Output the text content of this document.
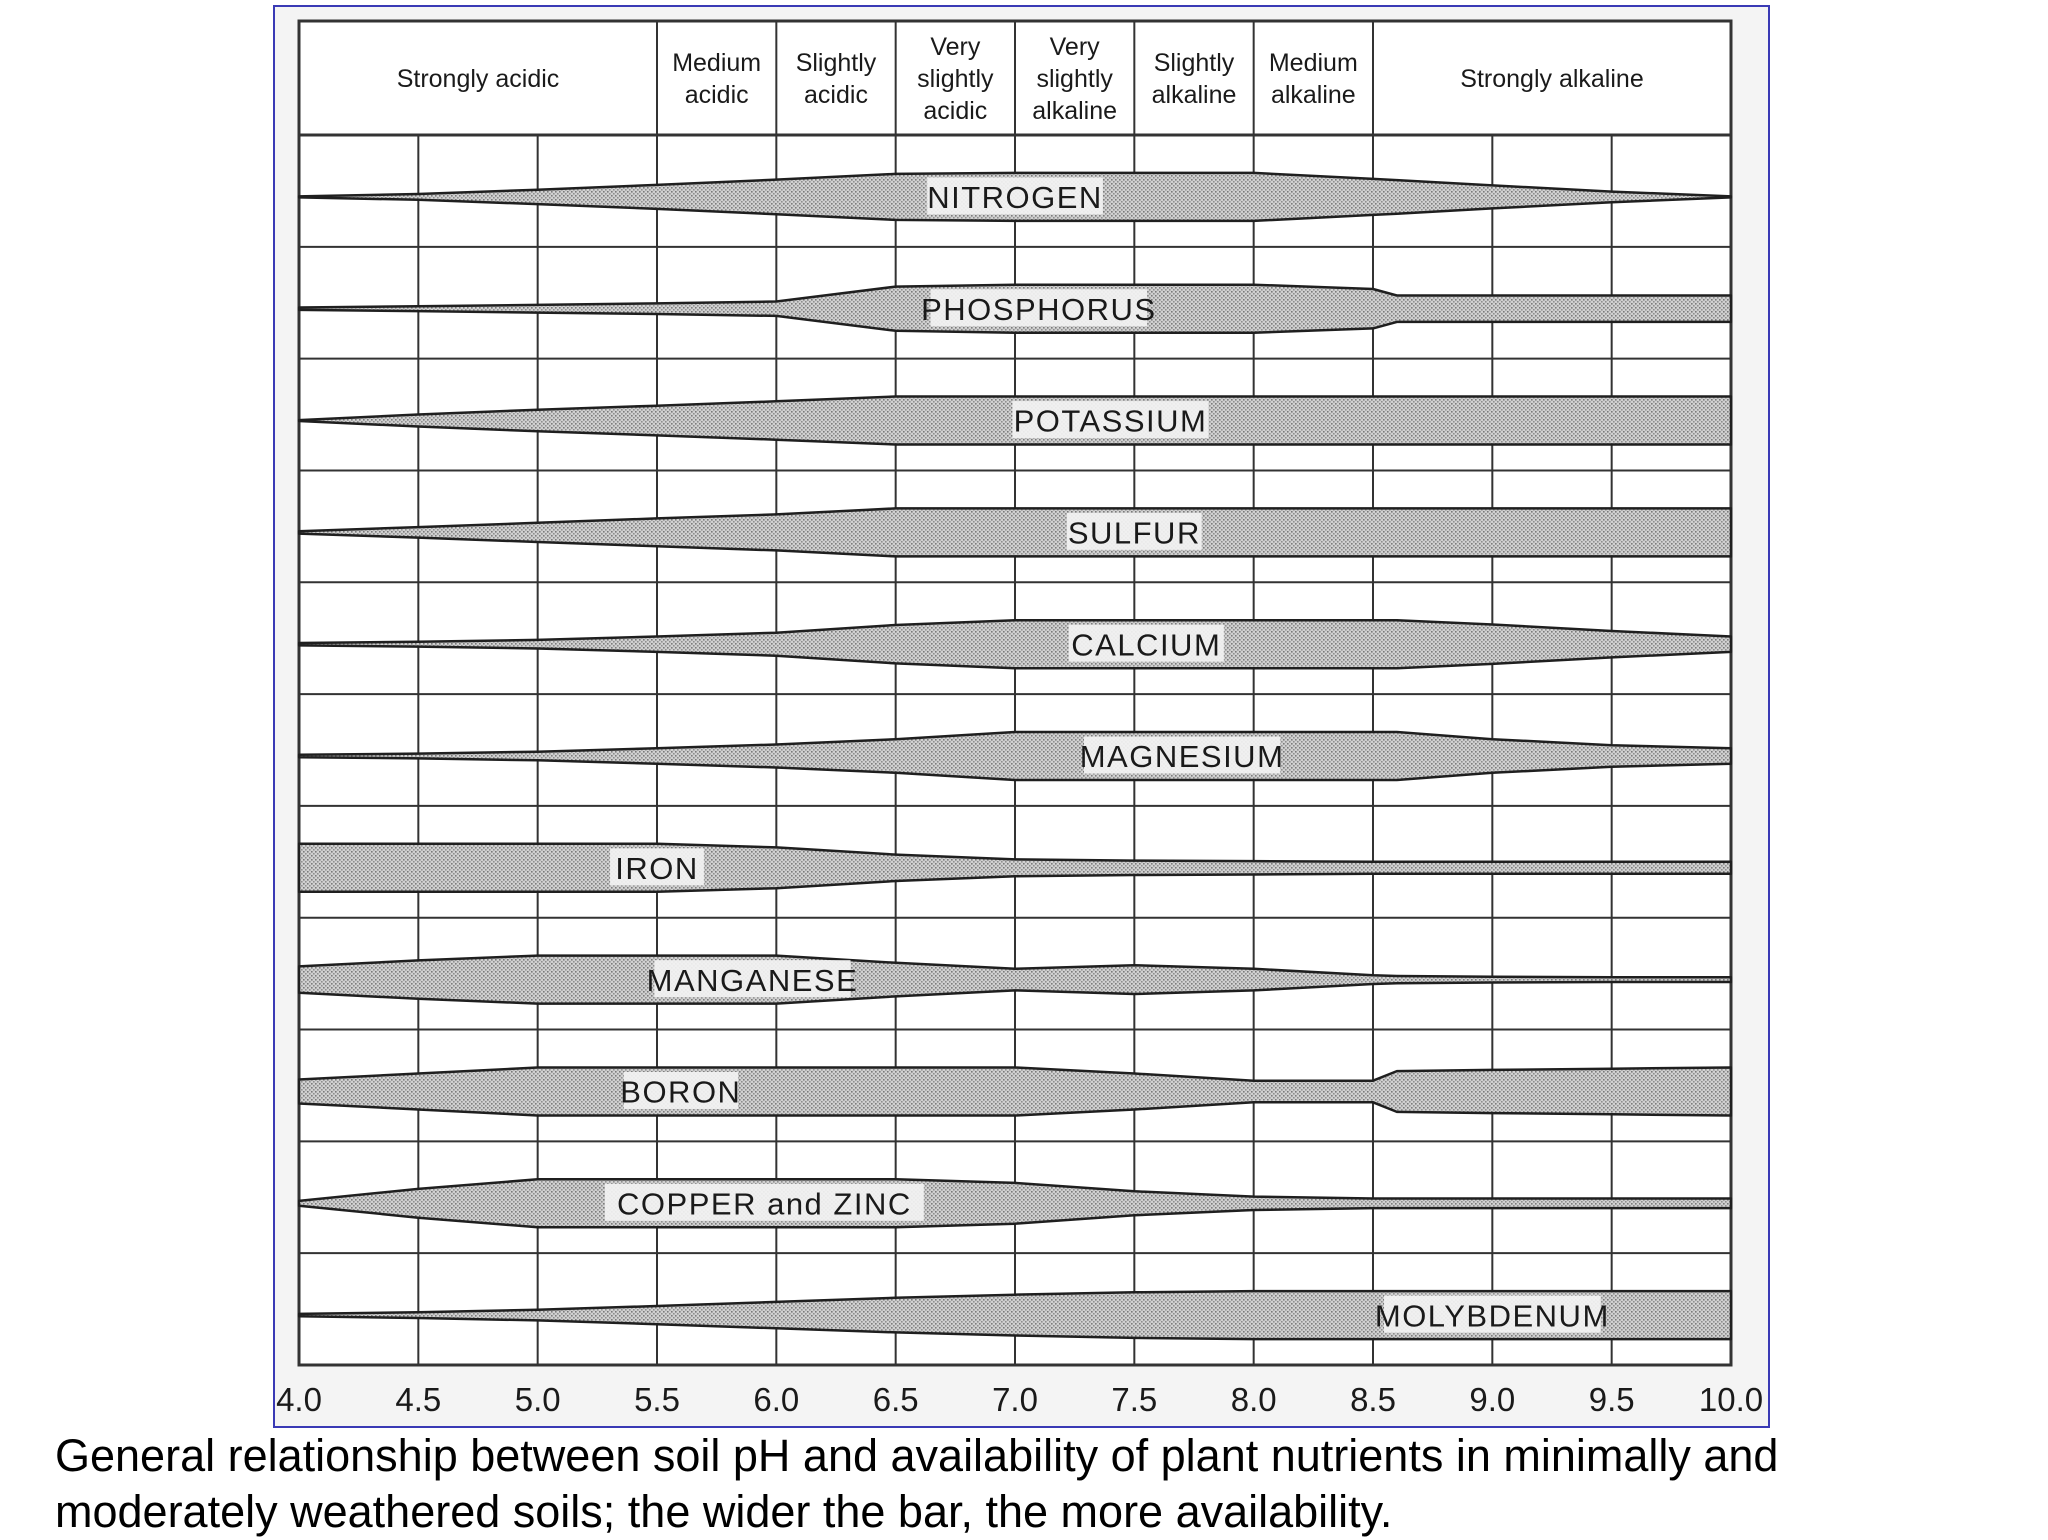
Strongly acidic
Medium acidic
Slightly acidic
Very slightly acidic
Very slightly alkaline
Slightly alkaline
Medium alkaline
Strongly alkaline
NITROGEN
PHOSPHORUS
POTASSIUM
SULFUR
CALCIUM
MAGNESIUM
IRON
MANGANESE
BORON
COPPER and ZINC
MOLYBDENUM
4.0 4.5 5.0 5.5 6.0 6.5 7.0 7.5 8.0 8.5 9.0 9.5 10.0
General relationship between soil pH and availability of plant nutrients in minimally and
moderately weathered soils; the wider the bar, the more availability.
